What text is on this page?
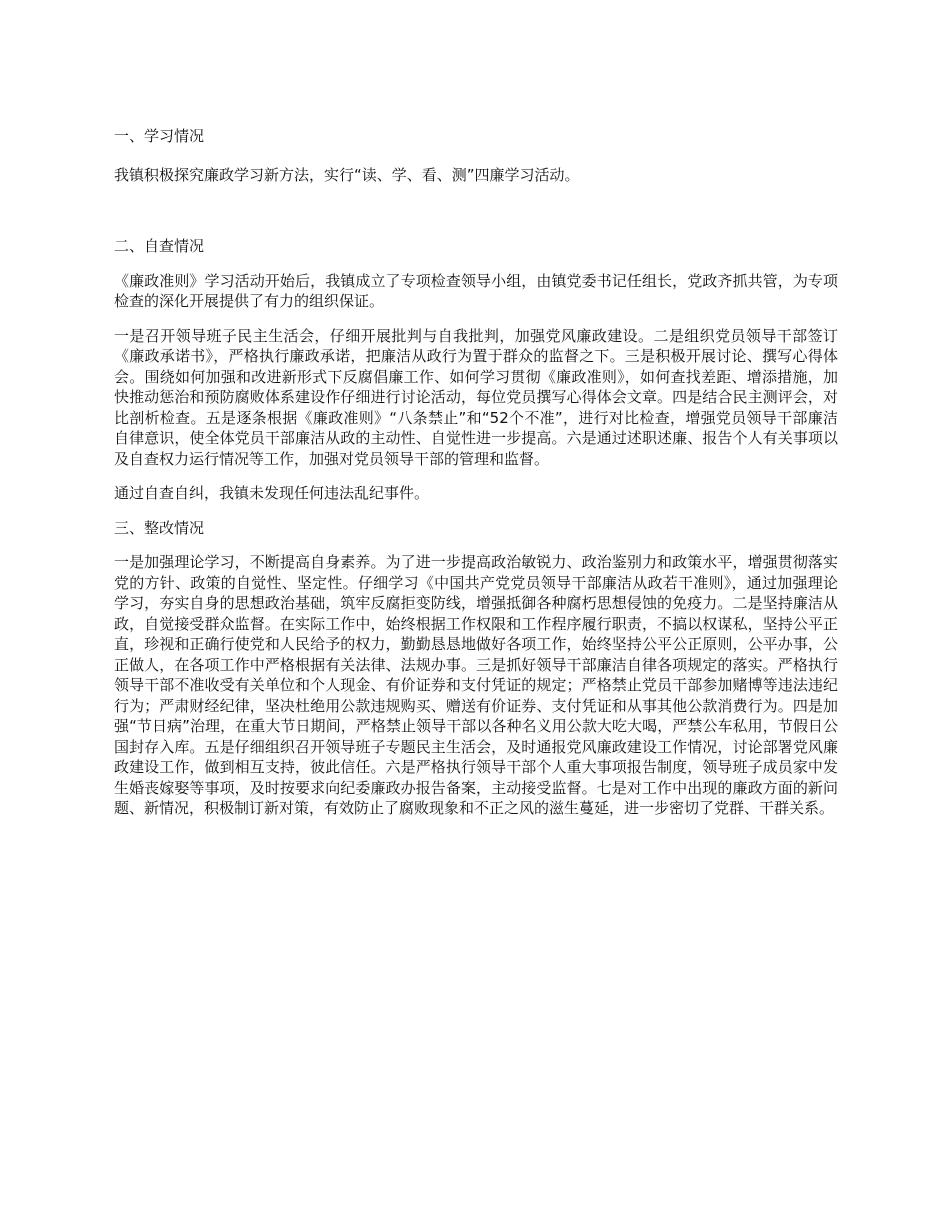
一、学习情况

我镇积极探究廉政学习新方法，实行“读、学、看、测”四廉学习活动。

二、自查情况

《廉政准则》学习活动开始后，我镇成立了专项检查领导小组，由镇党委书记任组长，党政齐抓共管，为专项检查的深化开展提供了有力的组织保证。

一是召开领导班子民主生活会，仔细开展批判与自我批判，加强党风廉政建设。二是组织党员领导干部签订《廉政承诺书》，严格执行廉政承诺，把廉洁从政行为置于群众的监督之下。三是积极开展讨论、撰写心得体会。围绕如何加强和改进新形式下反腐倡廉工作、如何学习贯彻《廉政准则》，如何查找差距、增添措施，加快推动惩治和预防腐败体系建设作仔细进行讨论活动，每位党员撰写心得体会文章。四是结合民主测评会，对比剖析检查。五是逐条根据《廉政准则》“八条禁止”和“52个不准”，进行对比检查，增强党员领导干部廉洁自律意识，使全体党员干部廉洁从政的主动性、自觉性进一步提高。六是通过述职述廉、报告个人有关事项以及自查权力运行情况等工作，加强对党员领导干部的管理和监督。

通过自查自纠，我镇未发现任何违法乱纪事件。

三、整改情况

一是加强理论学习，不断提高自身素养。为了进一步提高政治敏锐力、政治鉴别力和政策水平，增强贯彻落实党的方针、政策的自觉性、坚定性。仔细学习《中国共产党党员领导干部廉洁从政若干准则》，通过加强理论学习，夯实自身的思想政治基础，筑牢反腐拒变防线，增强抵御各种腐朽思想侵蚀的免疫力。二是坚持廉洁从政，自觉接受群众监督。在实际工作中，始终根据工作权限和工作程序履行职责，不搞以权谋私，坚持公平正直，珍视和正确行使党和人民给予的权力，勤勤恳恳地做好各项工作，始终坚持公平公正原则，公平办事，公正做人，在各项工作中严格根据有关法律、法规办事。三是抓好领导干部廉洁自律各项规定的落实。严格执行领导干部不准收受有关单位和个人现金、有价证券和支付凭证的规定；严格禁止党员干部参加赌博等违法违纪行为；严肃财经纪律，坚决杜绝用公款违规购买、赠送有价证券、支付凭证和从事其他公款消费行为。四是加强“节日病”治理，在重大节日期间，严格禁止领导干部以各种名义用公款大吃大喝，严禁公车私用，节假日公国封存入库。五是仔细组织召开领导班子专题民主生活会，及时通报党风廉政建设工作情况，讨论部署党风廉政建设工作，做到相互支持，彼此信任。六是严格执行领导干部个人重大事项报告制度，领导班子成员家中发生婚丧嫁娶等事项，及时按要求向纪委廉政办报告备案，主动接受监督。七是对工作中出现的廉政方面的新问题、新情况，积极制订新对策，有效防止了腐败现象和不正之风的滋生蔓延，进一步密切了党群、干群关系。
